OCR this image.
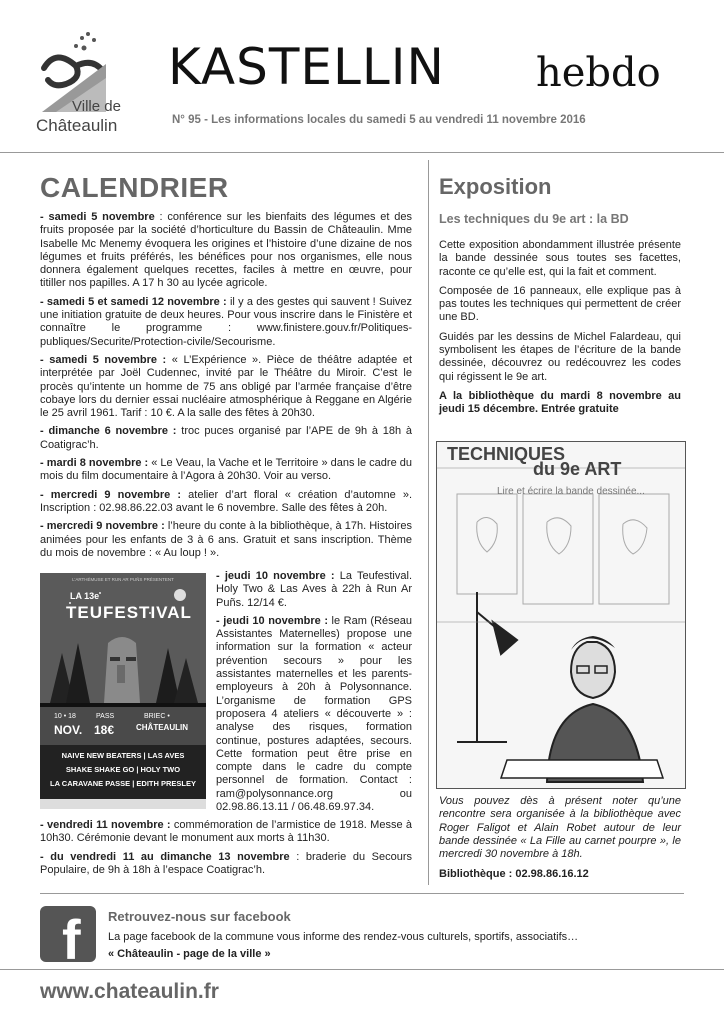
Ville de
Châteaulin
KASTELLIN hebdo
N° 95 - Les informations locales du samedi 5 au vendredi 11 novembre 2016
CALENDRIER

- samedi 5 novembre : conférence sur les bienfaits des légumes et des fruits proposée par la société d’horticulture du Bassin de Châteaulin. Mme Isabelle Mc Menemy évoquera les origines et l’histoire d’une dizaine de nos légumes et fruits préférés, les bénéfices pour nos organismes, elle nous donnera également quelques recettes, faciles à mettre en œuvre, pour titiller nos papilles. A 17 h 30 au lycée agricole.

- samedi 5 et samedi 12 novembre : il y a des gestes qui sauvent ! Suivez une initiation gratuite de deux heures. Pour vous inscrire dans le Finistère et connaître le programme : www.finistere.gouv.fr/Politiques-publiques/Securite/Protection-civile/Secourisme.

- samedi 5 novembre : « L’Expérience ». Pièce de théâtre adaptée et interprétée par Joël Cudennec, invité par le Théâtre du Miroir. C’est le procès qu’intente un homme de 75 ans obligé par l’armée française d’être cobaye lors du dernier essai nucléaire atmosphérique à Reggane en Algérie le 25 avril 1961. Tarif : 10 €. A la salle des fêtes à 20h30.

- dimanche 6 novembre : troc puces organisé par l’APE de 9h à 18h à Coatigrac’h.

- mardi 8 novembre : « Le Veau, la Vache et le Territoire » dans le cadre du mois du film documentaire à l’Agora à 20h30. Voir au verso.

- mercredi 9 novembre : atelier d’art floral « création d’automne ». Inscription : 02.98.86.22.03 avant le 6 novembre. Salle des fêtes à 20h.

- mercredi 9 novembre : l’heure du conte à la bibliothèque, à 17h. Histoires animées pour les enfants de 3 à 6 ans. Gratuit et sans inscription. Thème du mois de novembre : « Au loup ! ».

L’ARTHÉMUSE ET RUN AR PUÑS PRÉSENTENT
LA 13e
TEUFESTIVAL
10 • 18
NOV.
PASS
18€
BRIEC •
CHÂTEAULIN
NAIVE NEW BEATERS | LAS AVES
SHAKE SHAKE GO | HOLY TWO
LA CARAVANE PASSE | EDITH PRESLEY

- jeudi 10 novembre : La Teufestival. Holy Two & Las Aves à 22h à Run Ar Puñs. 12/14 €.

- jeudi 10 novembre : le Ram (Réseau Assistantes Maternelles) propose une information sur la formation « acteur prévention secours » pour les assistantes maternelles et les parents-employeurs à 20h à Polysonnance. L’organisme de formation GPS proposera 4 ateliers « découverte » : analyse des risques, formation continue, postures adaptées, secours. Cette formation peut être prise en compte dans le cadre du compte personnel de formation. Contact : ram@polysonnance.org ou 02.98.86.13.11 / 06.48.69.97.34.

- vendredi 11 novembre : commémoration de l’armistice de 1918. Messe à 10h30. Cérémonie devant le monument aux morts à 11h30.

- du vendredi 11 au dimanche 13 novembre : braderie du Secours Populaire, de 9h à 18h à l’espace Coatigrac’h.

Exposition
Les techniques du 9e art : la BD

Cette exposition abondamment illustrée présente la bande dessinée sous toutes ses facettes, raconte ce qu’elle est, qui la fait et comment.

Composée de 16 panneaux, elle explique pas à pas toutes les techniques qui permettent de créer une BD.

Guidés par les dessins de Michel Falardeau, qui symbolisent les étapes de l’écriture de la bande dessinée, découvrez ou redécouvrez les codes qui régissent le 9e art.

A la bibliothèque du mardi 8 novembre au jeudi 15 décembre. Entrée gratuite

TECHNIQUES
du 9e ART
Lire et écrire la bande dessinée...
Vous pouvez dès à présent noter qu’une rencontre sera organisée à la bibliothèque avec Roger Faligot et Alain Robet autour de leur bande dessinée « La Fille au carnet pourpre », le mercredi 30 novembre à 18h.
Bibliothèque : 02.98.86.16.12
f Retrouvez-nous sur facebook
La page facebook de la commune vous informe des rendez-vous culturels, sportifs, associatifs…
« Châteaulin - page de la ville »
www.chateaulin.fr
